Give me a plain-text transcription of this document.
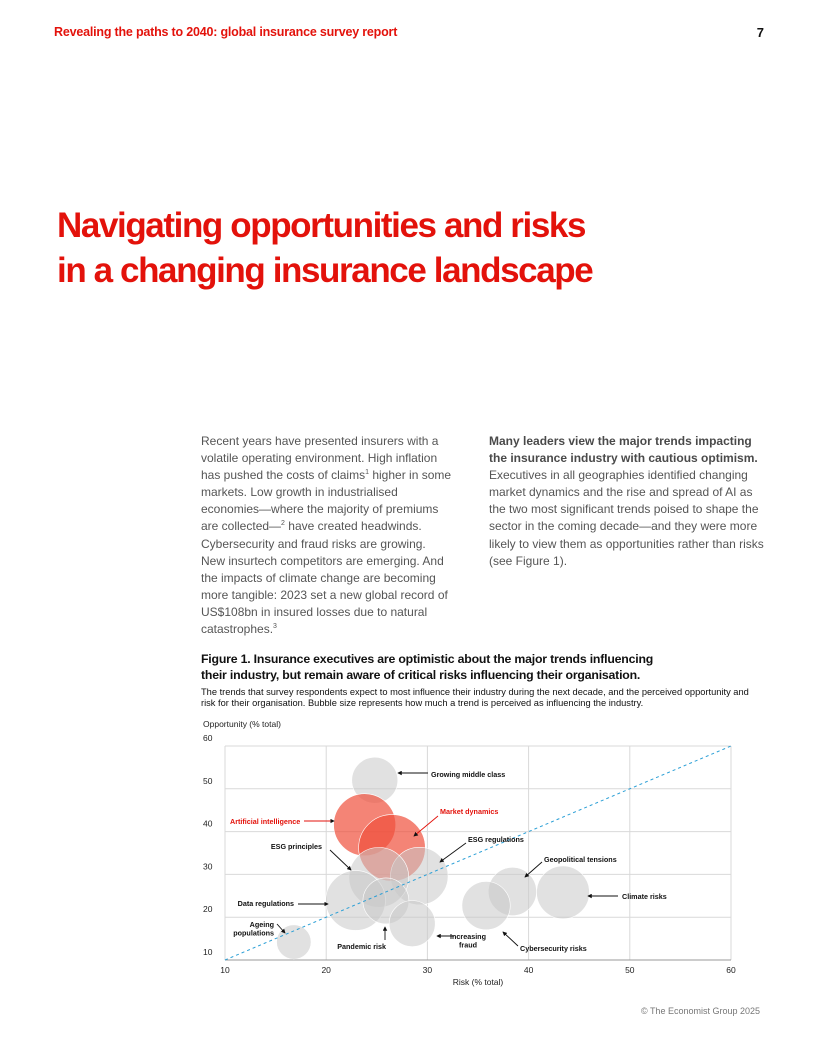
Revealing the paths to 2040: global insurance survey report	7
Navigating opportunities and risks
in a changing insurance landscape
Recent years have presented insurers with a volatile operating environment. High inflation has pushed the costs of claims$^1$ higher in some markets. Low growth in industrialised economies—where the majority of premiums are collected—$^2$ have created headwinds. Cybersecurity and fraud risks are growing. New insurtech competitors are emerging. And the impacts of climate change are becoming more tangible: 2023 set a new global record of US$108bn in insured losses due to natural catastrophes.$^3$
Many leaders view the major trends impacting the insurance industry with cautious optimism. Executives in all geographies identified changing market dynamics and the rise and spread of AI as the two most significant trends poised to shape the sector in the coming decade—and they were more likely to view them as opportunities rather than risks (see Figure 1).
Figure 1. Insurance executives are optimistic about the major trends influencing their industry, but remain aware of critical risks influencing their organisation.
The trends that survey respondents expect to most influence their industry during the next decade, and the perceived opportunity and risk for their organisation. Bubble size represents how much a trend is perceived as influencing the industry.
10
20
30
40
50
60
10	20	30	40	50	60
Opportunity (% total)
Risk (% total)
Growing middle class
Artificial intelligence
Market dynamics
ESG regulations
ESG principles
Data regulations
Pandemic risk
Increasing fraud
Geopolitical tensions
Climate risks
Cybersecurity risks
Ageing populations
© The Economist Group 2025
